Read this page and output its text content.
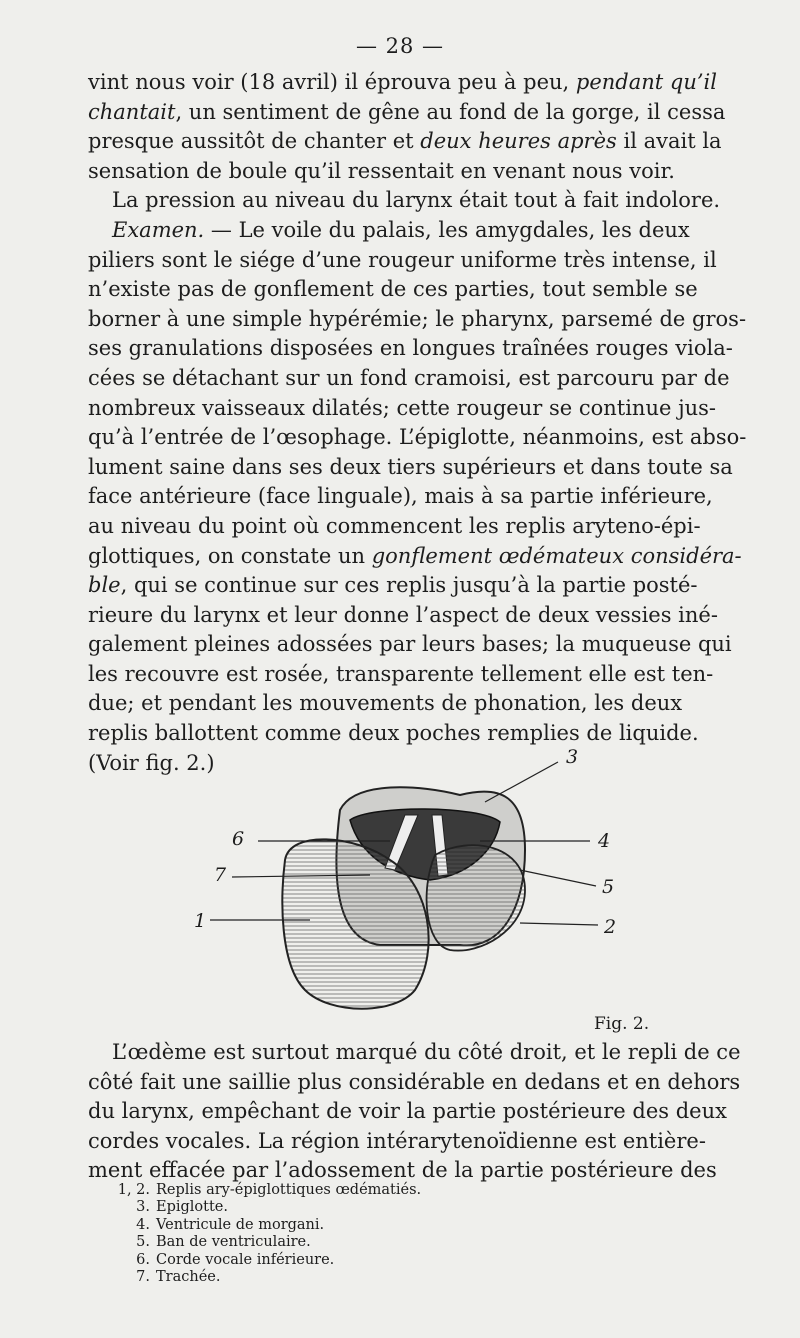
— 28 —
vint nous voir (18 avril) il éprouva peu à peu, pendant qu’il
chantait, un sentiment de gêne au fond de la gorge, il cessa
presque aussitôt de chanter et deux heures après il avait la
sensation de boule qu’il ressentait en venant nous voir.
La pression au niveau du larynx était tout à fait indolore.
Examen. — Le voile du palais, les amygdales, les deux
piliers sont le siége d’une rougeur uniforme très intense, il
n’existe pas de gonflement de ces parties, tout semble se
borner à une simple hypérémie; le pharynx, parsemé de gros-
ses granulations disposées en longues traînées rouges viola-
cées se détachant sur un fond cramoisi, est parcouru par de
nombreux vaisseaux dilatés; cette rougeur se continue jus-
qu’à l’entrée de l’œsophage. L’épiglotte, néanmoins, est abso-
lument saine dans ses deux tiers supérieurs et dans toute sa
face antérieure (face linguale), mais à sa partie inférieure,
au niveau du point où commencent les replis aryteno-épi-
glottiques, on constate un gonflement œdémateux considéra-
ble, qui se continue sur ces replis jusqu’à la partie posté-
rieure du larynx et leur donne l’aspect de deux vessies iné-
galement pleines adossées par leurs bases; la muqueuse qui
les recouvre est rosée, transparente tellement elle est ten-
due; et pendant les mouvements de phonation, les deux
replis ballottent comme deux poches remplies de liquide.
(Voir fig. 2.)	3
6	4
7
5
1	2
Fig. 2.
L’œdème est surtout marqué du côté droit, et le repli de ce
côté fait une saillie plus considérable en dedans et en dehors
du larynx, empêchant de voir la partie postérieure des deux
cordes vocales. La région intérarytenoïdienne est entière-
ment effacée par l’adossement de la partie postérieure des
1, 2. Replis ary-épiglottiques œdématiés.
3. Epiglotte.
4. Ventricule de morgani.
5. Ban de ventriculaire.
6. Corde vocale inférieure.
7. Trachée.
